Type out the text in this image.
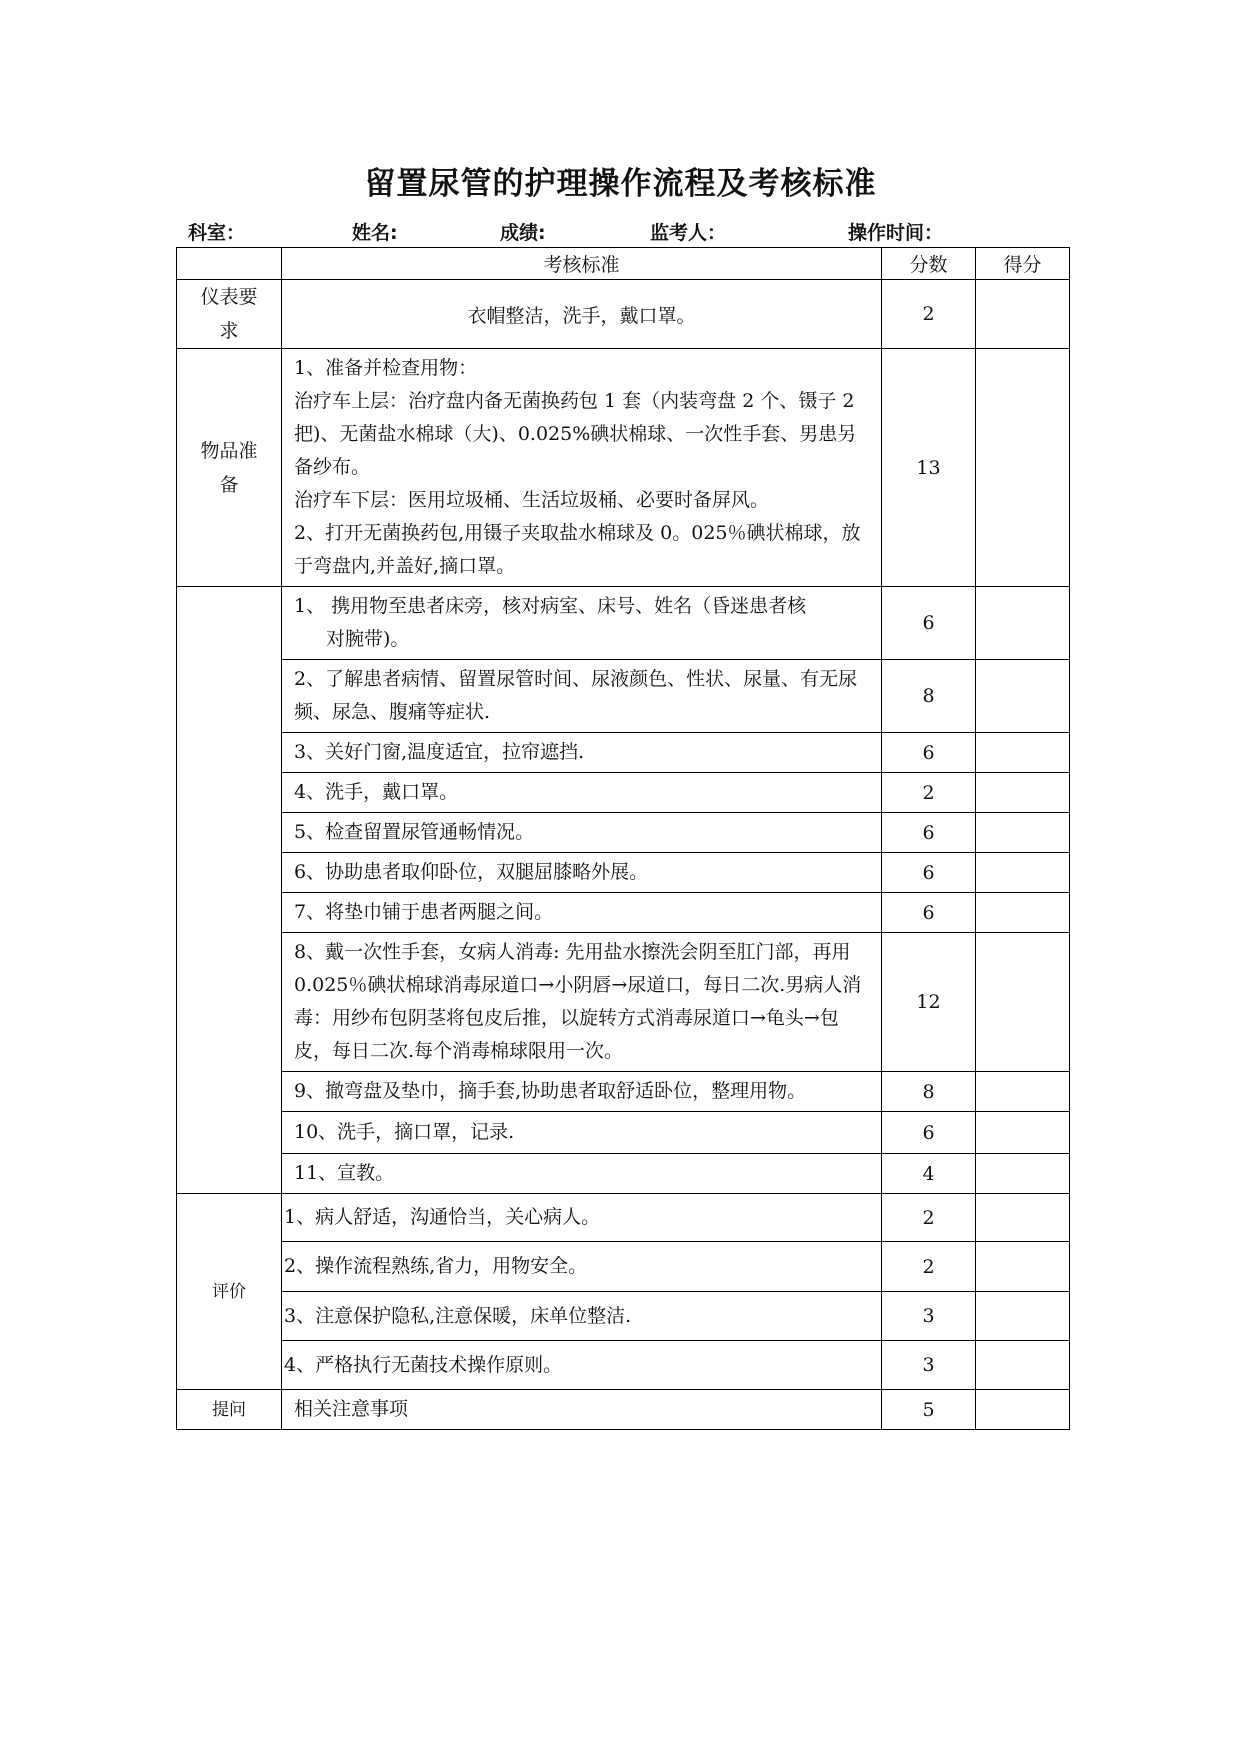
留置尿管的护理操作流程及考核标准
科室：	姓名:	成绩:	监考人：	操作时间：
	考核标准	分数	得分
仪表要求	衣帽整洁，洗手，戴口罩。	2	
物品准备	1、准备并检查用物：
治疗车上层：治疗盘内备无菌换药包 1 套（内装弯盘 2 个、镊子 2 把)、无菌盐水棉球（大)、0.025%碘状棉球、一次性手套、男患另备纱布。
治疗车下层：医用垃圾桶、生活垃圾桶、必要时备屏风。
2、打开无菌换药包,用镊子夹取盐水棉球及 0。025％碘状棉球，放于弯盘内,并盖好,摘口罩。	13	

	1、 携用物至患者床旁，核对病室、床号、姓名（昏迷患者核
对腕带)。	6	
	2、了解患者病情、留置尿管时间、尿液颜色、性状、尿量、有无尿频、尿急、腹痛等症状.	8	
	3、关好门窗,温度适宜，拉帘遮挡.	6	
	4、洗手，戴口罩。	2	
	5、检查留置尿管通畅情况。	6	
	6、协助患者取仰卧位，双腿屈膝略外展。	6	
	7、将垫巾铺于患者两腿之间。	6	
	8、戴一次性手套，女病人消毒: 先用盐水擦洗会阴至肛门部，再用 0.025％碘状棉球消毒尿道口→小阴唇→尿道口，每日二次.男病人消毒：用纱布包阴茎将包皮后推，以旋转方式消毒尿道口→龟头→包皮，每日二次.每个消毒棉球限用一次。	12	
	9、撤弯盘及垫巾，摘手套,协助患者取舒适卧位，整理用物。	8	
	10、洗手，摘口罩，记录.	6	
	11、宣教。	4	
评价	1、病人舒适，沟通恰当，关心病人。	2	
	2、操作流程熟练,省力，用物安全。	2	
	3、注意保护隐私,注意保暖，床单位整洁.	3	
	4、严格执行无菌技术操作原则。	3	
提问	相关注意事项	5	
